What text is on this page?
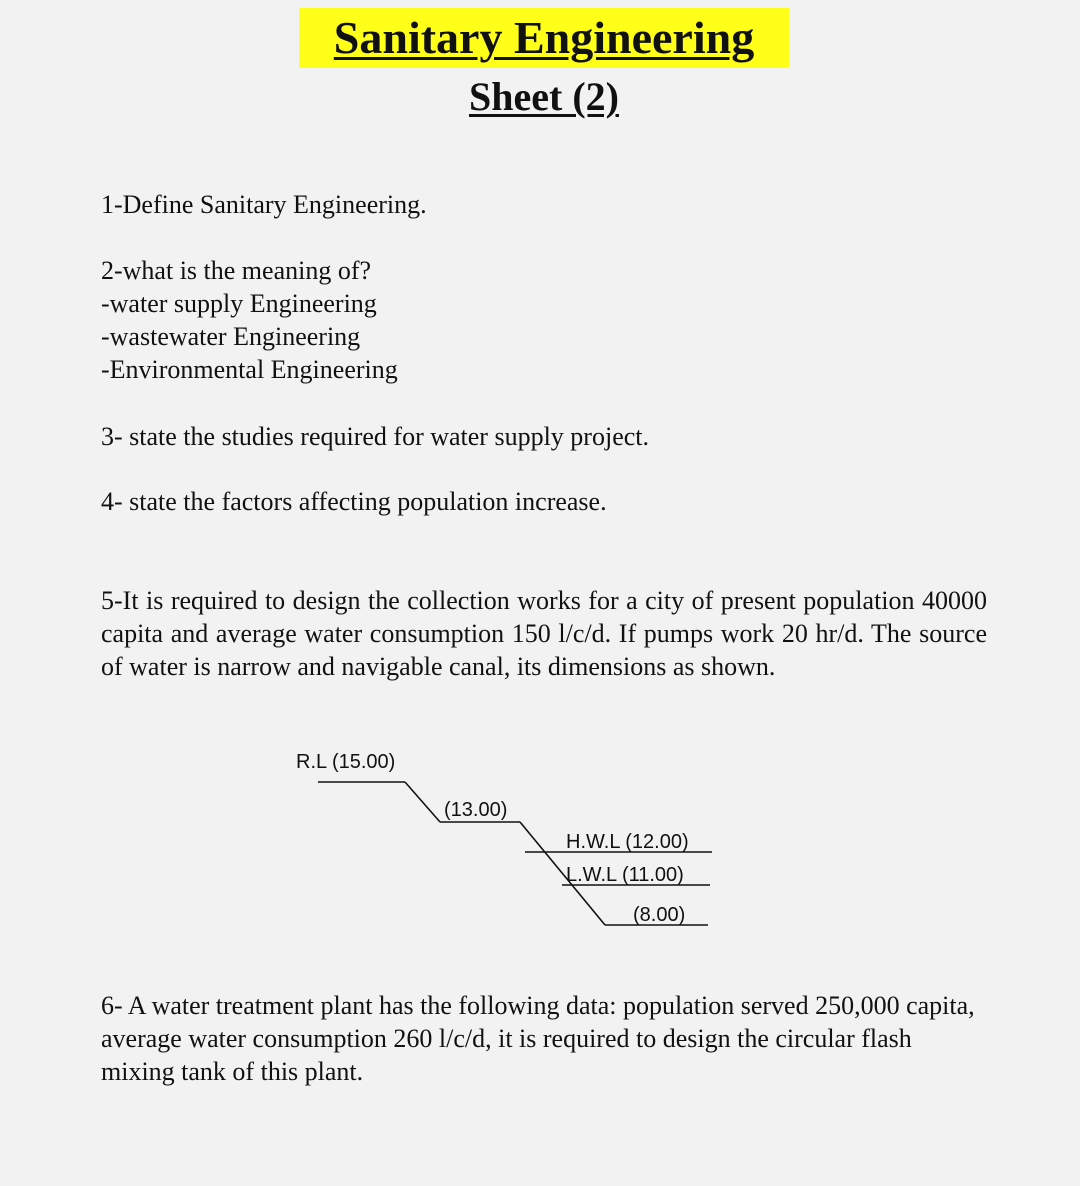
Sanitary Engineering
Sheet (2)

1-Define Sanitary Engineering.

2-what is the meaning of?
-water supply Engineering
-wastewater Engineering
-Environmental Engineering

3- state the studies required for water supply project.

4- state the factors affecting population increase.

5-It is required to design the collection works for a city of present population 40000 capita and average water consumption 150 l/c/d. If pumps work 20 hr/d. The source of water is narrow and navigable canal, its dimensions as shown.

R.L (15.00)
(13.00)
H.W.L (12.00)
L.W.L (11.00)
(8.00)

6- A water treatment plant has the following data: population served 250,000 capita, average water consumption 260 l/c/d, it is required to design the circular flash mixing tank of this plant.
